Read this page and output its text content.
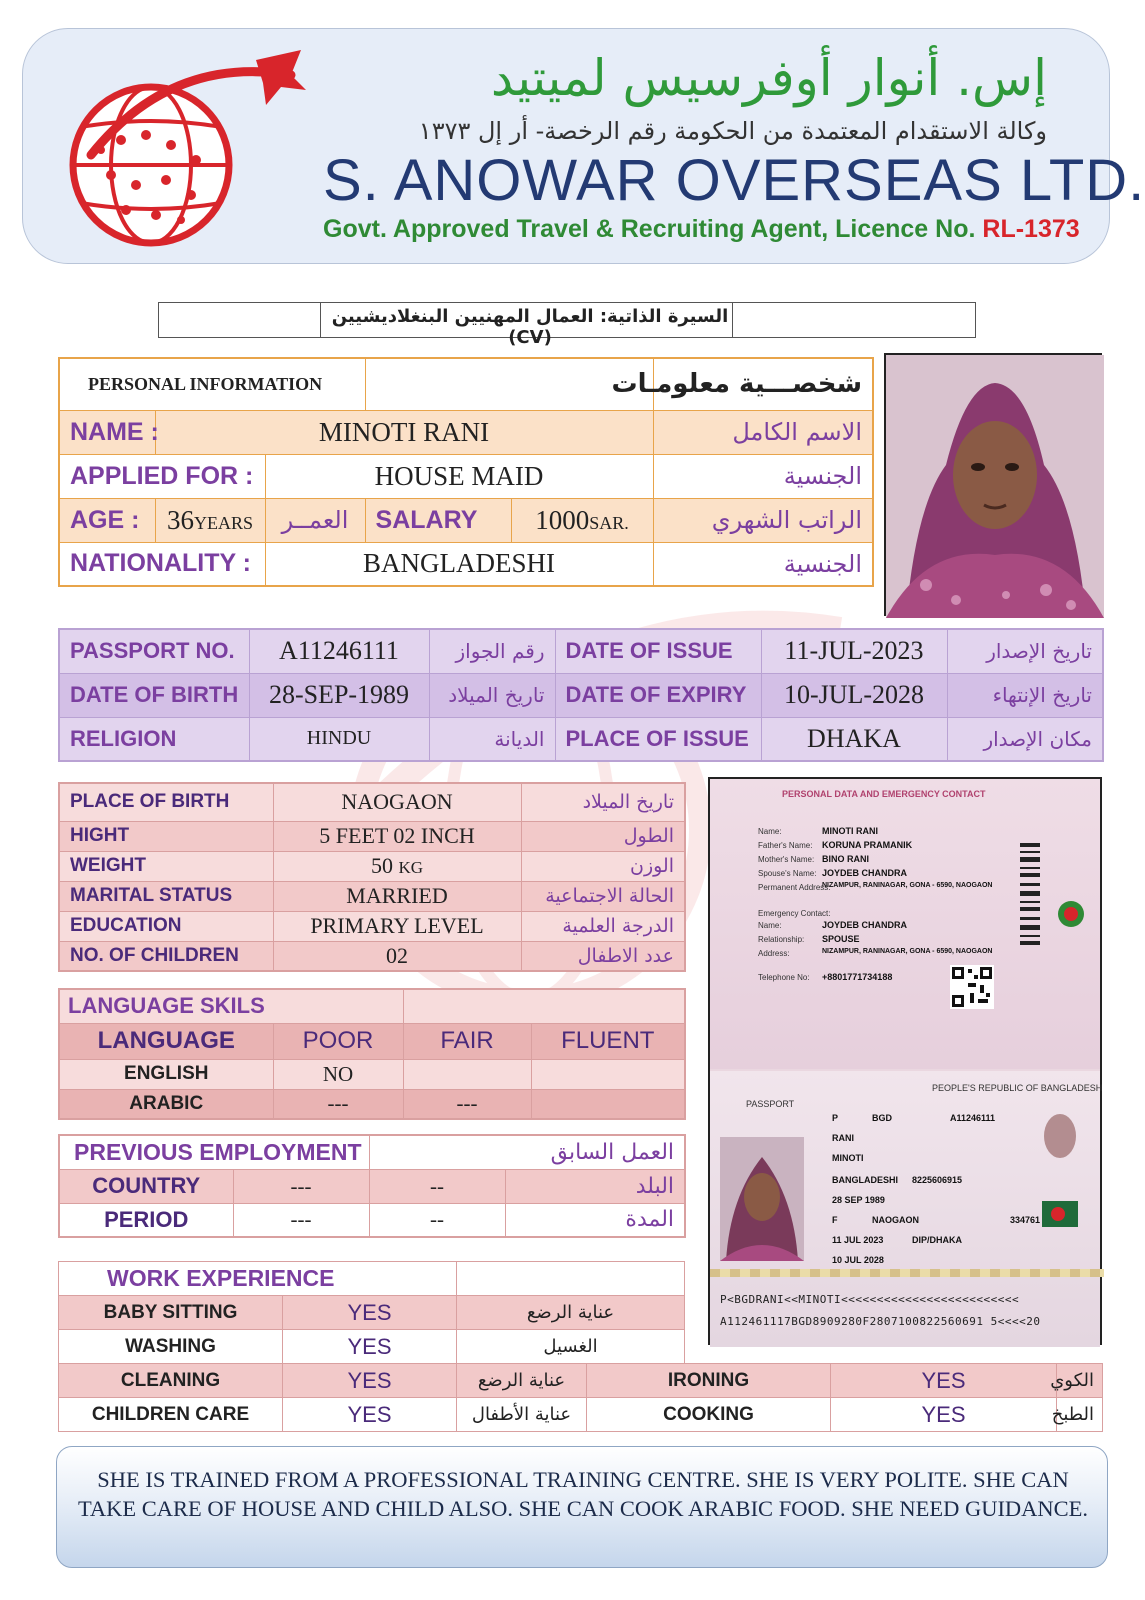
إس. أنوار أوفرسيس لميتيد
وكالة الاستقدام المعتمدة من الحكومة رقم الرخصة- أر إل ١٣٧٣
S. ANOWAR OVERSEAS LTD.
Govt. Approved Travel & Recruiting Agent, Licence No. RL-1373
السيرة الذاتية: العمال المهنيين البنغلاديشيين (CV)
PERSONAL INFORMATION					شخصـــية معلومـات
NAME :	MINOTI RANI				الاسم الكامل
APPLIED FOR :		HOUSE MAID			الجنسية
AGE :	36YEARS	العمــر	SALARY	1000SAR.	الراتب الشهري
NATIONALITY :		BANGLADESHI			الجنسية
PASSPORT NO.	A11246111	رقم الجواز	DATE OF ISSUE	11-JUL-2023	تاريخ الإصدار
DATE OF BIRTH	28-SEP-1989	تاريخ الميلاد	DATE OF EXPIRY	10-JUL-2028	تاريخ الإنتهاء
RELIGION	HINDU	الديانة	PLACE OF ISSUE	DHAKA	مكان الإصدار
PLACE OF BIRTH	NAOGAON	تاريخ الميلاد
HIGHT	5 FEET 02 INCH	الطول
WEIGHT	50 KG	الوزن
MARITAL STATUS	MARRIED	الحالة الاجتماعية
EDUCATION	PRIMARY LEVEL	الدرجة العلمية
NO. OF CHILDREN	02	عدد الاطفال
LANGUAGE SKILS			
LANGUAGE	POOR	FAIR	FLUENT
ENGLISH	NO		
ARABIC	---	---	
PREVIOUS EMPLOYMENT		العمل السابق	
COUNTRY	---	--	البلد
PERIOD	---	--	المدة
WORK EXPERIENCE						
BABY SITTING	YES	عناية الرضع				
WASHING	YES	الغسيل				
CLEANING	YES	عناية الرضع	IRONING		YES	الكوي
CHILDREN CARE	YES	عناية الأطفال	COOKING		YES	الطبخ
PERSONAL DATA AND EMERGENCY CONTACT
Name:	MINOTI RANI
Father's Name: KORUNA PRAMANIK
Mother's Name: BINO RANI
Spouse's Name: JOYDEB CHANDRA
Permanent Address:
NIZAMPUR, RANINAGAR, GONA - 6590, NAOGAON
Emergency Contact:
Name:	JOYDEB CHANDRA
Relationship: SPOUSE
Address:	NIZAMPUR, RANINAGAR, GONA - 6590, NAOGAON
Telephone No: +8801771734188
PASSPORT
PEOPLE'S REPUBLIC OF BANGLADESH
P	BGD	A11246111
RANI
MINOTI
BANGLADESHI 8225606915
28 SEP 1989
F	NAOGAON	334761
11 JUL 2023	DIP/DHAKA
10 JUL 2028
P<BGDRANI<<MINOTI<<<<<<<<<<<<<<<<<<<<<<<<<
A112461117BGD8909280F2807100822560691 5<<<<20
SHE IS TRAINED FROM A PROFESSIONAL TRAINING CENTRE. SHE IS VERY POLITE. SHE CAN TAKE CARE OF HOUSE AND CHILD ALSO. SHE CAN COOK ARABIC FOOD. SHE NEED GUIDANCE.
